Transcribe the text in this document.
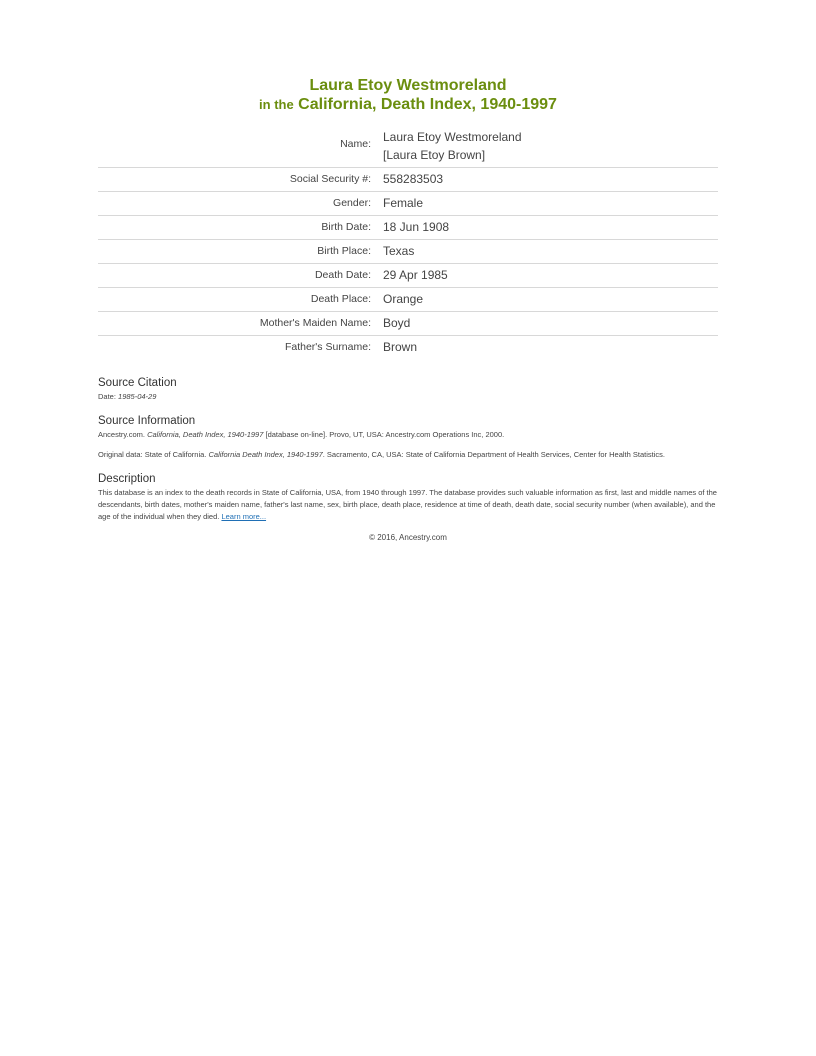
Laura Etoy Westmoreland
in the California, Death Index, 1940-1997
Name:	Laura Etoy Westmoreland
[Laura Etoy Brown]

Social Security #:	558283503
Gender:	Female
Birth Date:	18 Jun 1908
Birth Place:	Texas
Death Date:	29 Apr 1985
Death Place:	Orange
Mother's Maiden Name:	Boyd
Father's Surname:	Brown
Source Citation
Date: 1985-04-29
Source Information
Ancestry.com. California, Death Index, 1940-1997 [database on-line]. Provo, UT, USA: Ancestry.com Operations Inc, 2000.
Original data: State of California. California Death Index, 1940-1997. Sacramento, CA, USA: State of California Department of Health Services, Center for Health Statistics.
Description
This database is an index to the death records in State of California, USA, from 1940 through 1997. The database provides such valuable information as first, last and middle names of the descendants, birth dates, mother's maiden name, father's last name, sex, birth place, death place, residence at time of death, death date, social security number (when available), and the age of the individual when they died. Learn more...
© 2016, Ancestry.com
